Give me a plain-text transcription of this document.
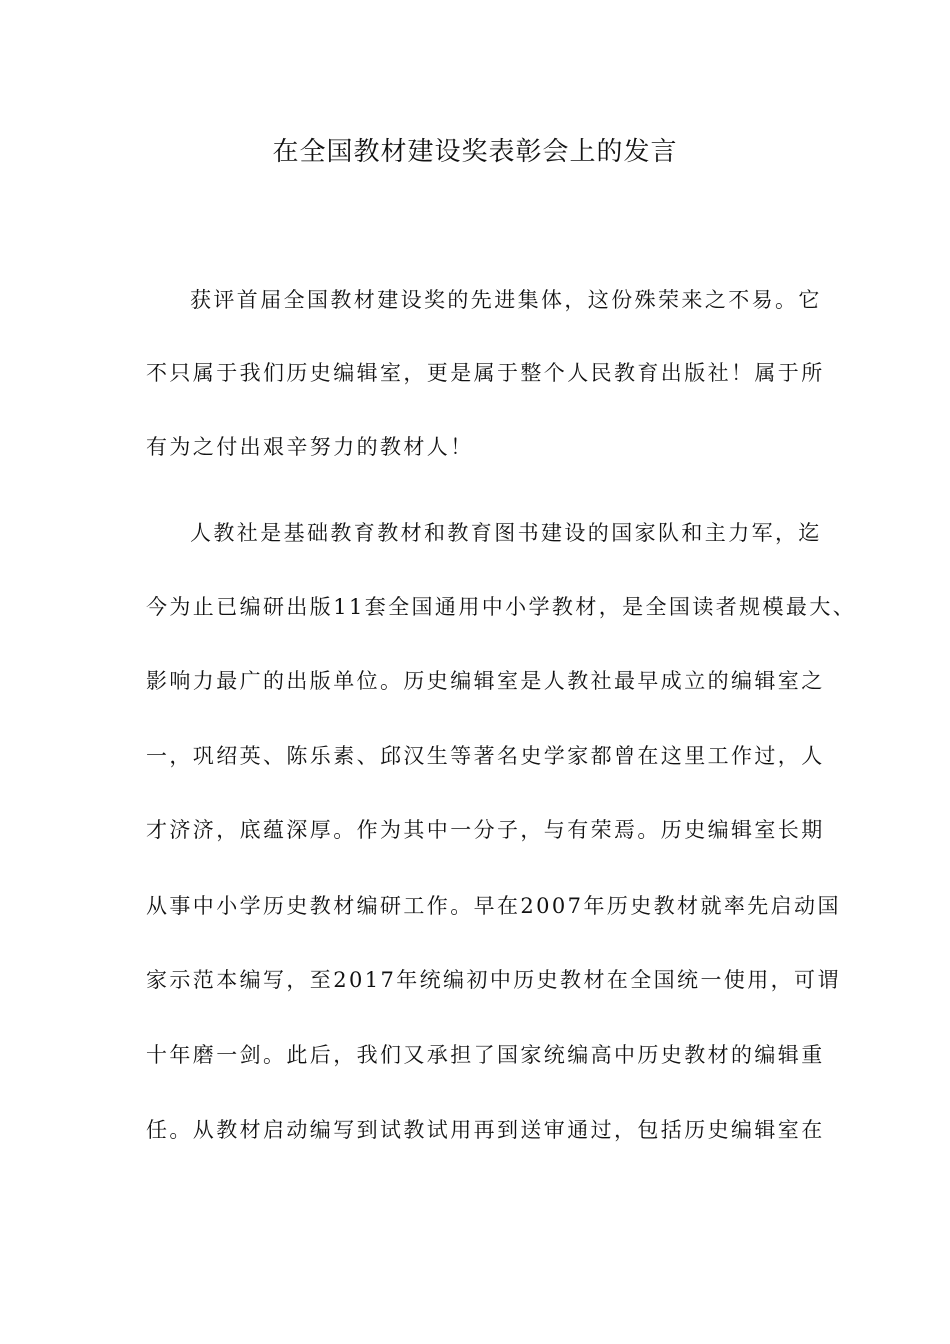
在全国教材建设奖表彰会上的发言
获评首届全国教材建设奖的先进集体，这份殊荣来之不易。它
不只属于我们历史编辑室，更是属于整个人民教育出版社！属于所
有为之付出艰辛努力的教材人！
人教社是基础教育教材和教育图书建设的国家队和主力军，迄
今为止已编研出版11套全国通用中小学教材，是全国读者规模最大、
影响力最广的出版单位。历史编辑室是人教社最早成立的编辑室之
一，巩绍英、陈乐素、邱汉生等著名史学家都曾在这里工作过，人
才济济，底蕴深厚。作为其中一分子，与有荣焉。历史编辑室长期
从事中小学历史教材编研工作。早在2007年历史教材就率先启动国
家示范本编写，至2017年统编初中历史教材在全国统一使用，可谓
十年磨一剑。此后，我们又承担了国家统编高中历史教材的编辑重
任。从教材启动编写到试教试用再到送审通过，包括历史编辑室在
